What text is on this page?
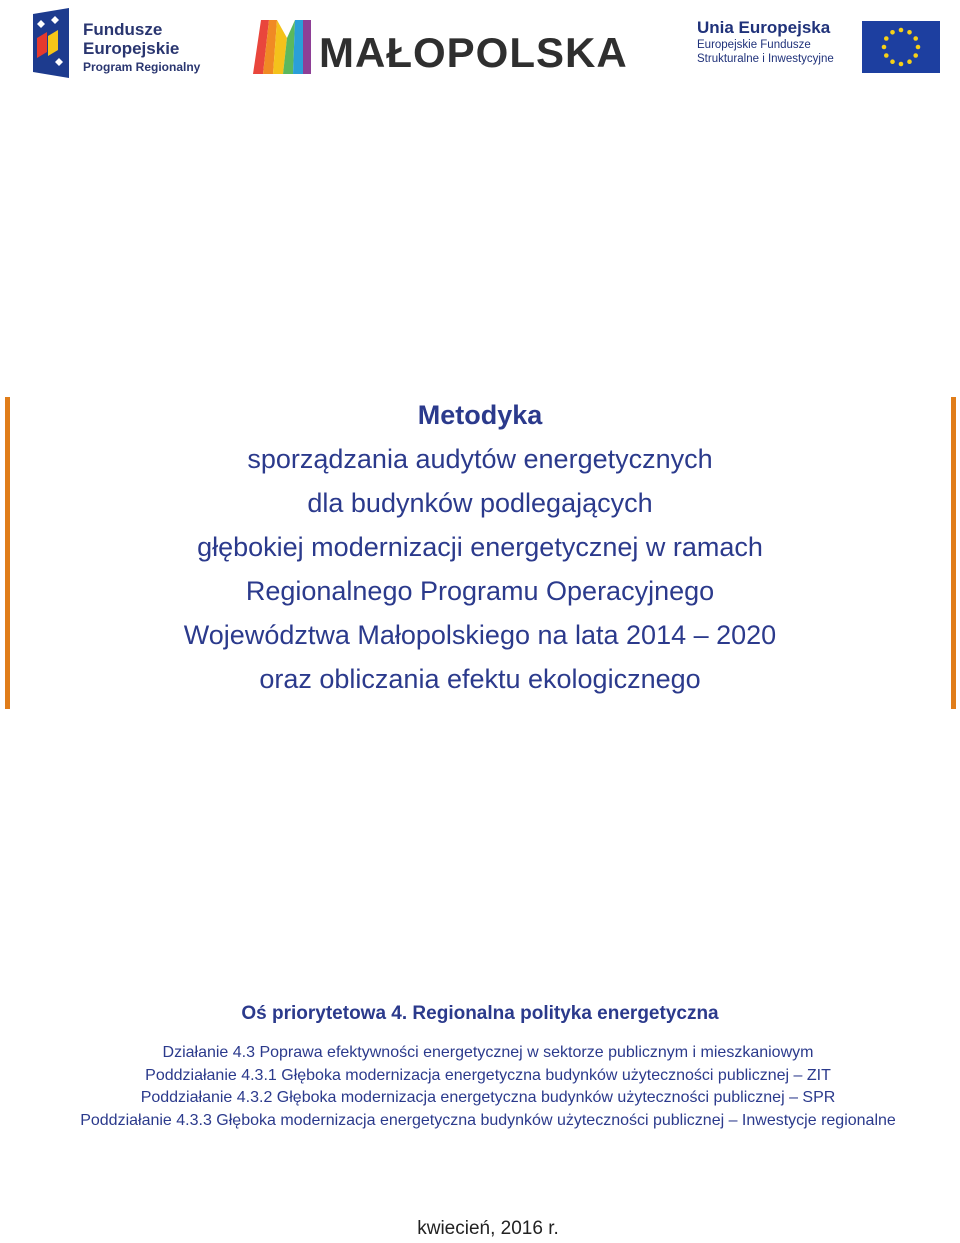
Fundusze
Europejskie
Program Regionalny	MAŁOPOLSKA
Unia Europejska
Europejskie Fundusze
Strukturalne i Inwestycyjne
Metodyka
sporządzania audytów energetycznych
dla budynków podlegających
głębokiej modernizacji energetycznej w ramach
Regionalnego Programu Operacyjnego
Województwa Małopolskiego na lata 2014 – 2020
oraz obliczania efektu ekologicznego
Oś priorytetowa 4. Regionalna polityka energetyczna
Działanie 4.3 Poprawa efektywności energetycznej w sektorze publicznym i mieszkaniowym
Poddziałanie 4.3.1 Głęboka modernizacja energetyczna budynków użyteczności publicznej – ZIT
Poddziałanie 4.3.2 Głęboka modernizacja energetyczna budynków użyteczności publicznej – SPR
Poddziałanie 4.3.3 Głęboka modernizacja energetyczna budynków użyteczności publicznej – Inwestycje regionalne
kwiecień, 2016 r.
